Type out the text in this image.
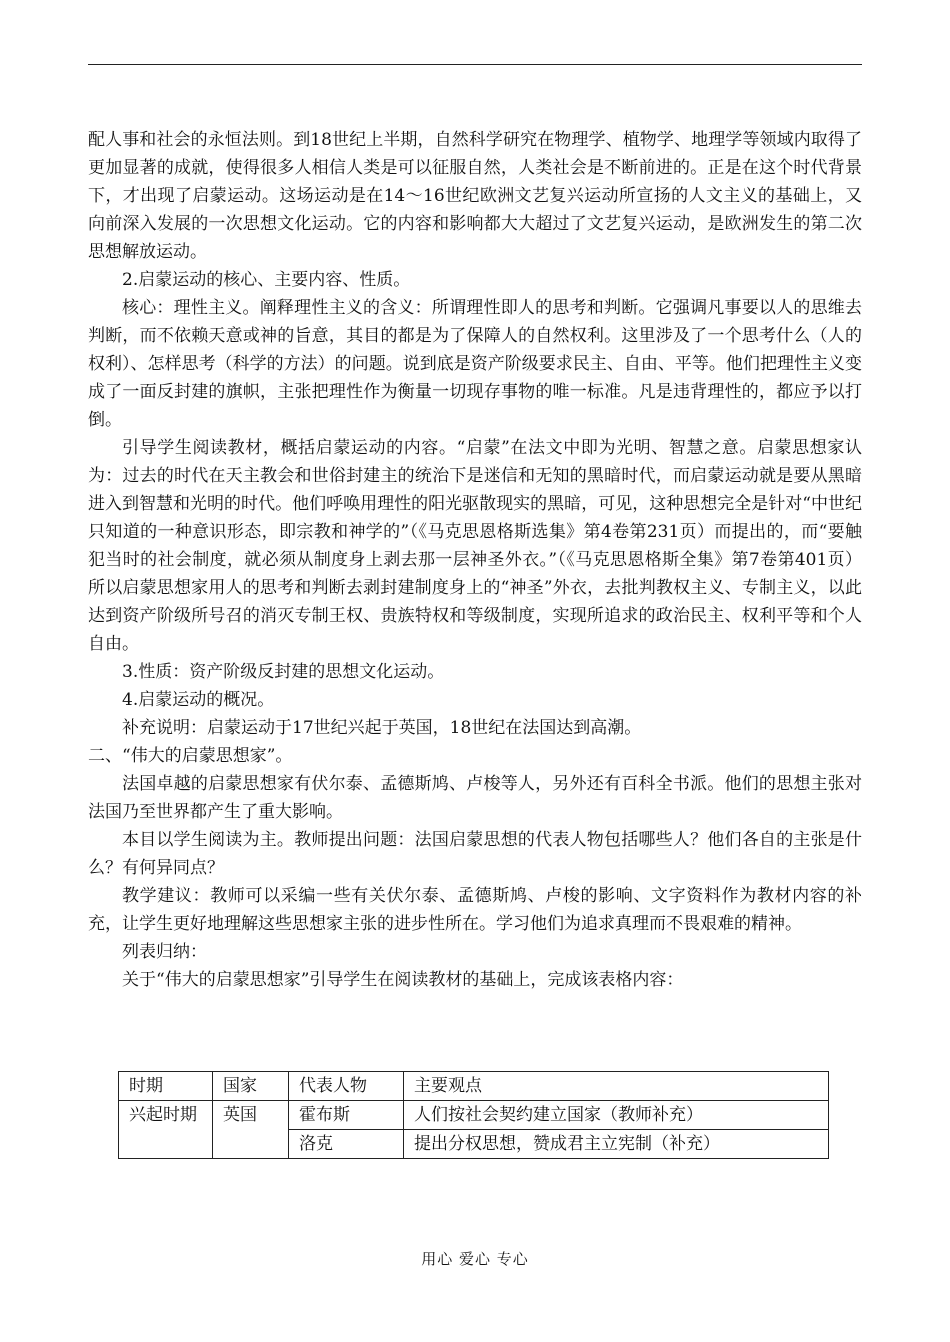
配人事和社会的永恒法则。到18世纪上半期，自然科学研究在物理学、植物学、地理学等领域内取得了更加显著的成就，使得很多人相信人类是可以征服自然，人类社会是不断前进的。正是在这个时代背景下，才出现了启蒙运动。这场运动是在14～16世纪欧洲文艺复兴运动所宣扬的人文主义的基础上，又向前深入发展的一次思想文化运动。它的内容和影响都大大超过了文艺复兴运动，是欧洲发生的第二次思想解放运动。

2.启蒙运动的核心、主要内容、性质。

核心：理性主义。阐释理性主义的含义：所谓理性即人的思考和判断。它强调凡事要以人的思维去判断，而不依赖天意或神的旨意，其目的都是为了保障人的自然权利。这里涉及了一个思考什么（人的权利）、怎样思考（科学的方法）的问题。说到底是资产阶级要求民主、自由、平等。他们把理性主义变成了一面反封建的旗帜，主张把理性作为衡量一切现存事物的唯一标准。凡是违背理性的，都应予以打倒。

引导学生阅读教材，概括启蒙运动的内容。“启蒙”在法文中即为光明、智慧之意。启蒙思想家认为：过去的时代在天主教会和世俗封建主的统治下是迷信和无知的黑暗时代，而启蒙运动就是要从黑暗进入到智慧和光明的时代。他们呼唤用理性的阳光驱散现实的黑暗，可见，这种思想完全是针对“中世纪只知道的一种意识形态，即宗教和神学的”（《马克思恩格斯选集》第4卷第231页）而提出的，而“要触犯当时的社会制度，就必须从制度身上剥去那一层神圣外衣。”（《马克思恩格斯全集》第7卷第401页）所以启蒙思想家用人的思考和判断去剥封建制度身上的“神圣”外衣，去批判教权主义、专制主义，以此达到资产阶级所号召的消灭专制王权、贵族特权和等级制度，实现所追求的政治民主、权利平等和个人自由。

3.性质：资产阶级反封建的思想文化运动。

4.启蒙运动的概况。

补充说明：启蒙运动于17世纪兴起于英国，18世纪在法国达到高潮。

二、“伟大的启蒙思想家”。

法国卓越的启蒙思想家有伏尔泰、孟德斯鸠、卢梭等人，另外还有百科全书派。他们的思想主张对法国乃至世界都产生了重大影响。

本目以学生阅读为主。教师提出问题：法国启蒙思想的代表人物包括哪些人？他们各自的主张是什么？有何异同点？

教学建议：教师可以采编一些有关伏尔泰、孟德斯鸠、卢梭的影响、文字资料作为教材内容的补充，让学生更好地理解这些思想家主张的进步性所在。学习他们为追求真理而不畏艰难的精神。

列表归纳：

关于“伟大的启蒙思想家”引导学生在阅读教材的基础上，完成该表格内容：

时期	国家	代表人物	主要观点
兴起时期	英国	霍布斯	人们按社会契约建立国家（教师补充）
		洛克	提出分权思想，赞成君主立宪制（补充）
用心 爱心 专心
